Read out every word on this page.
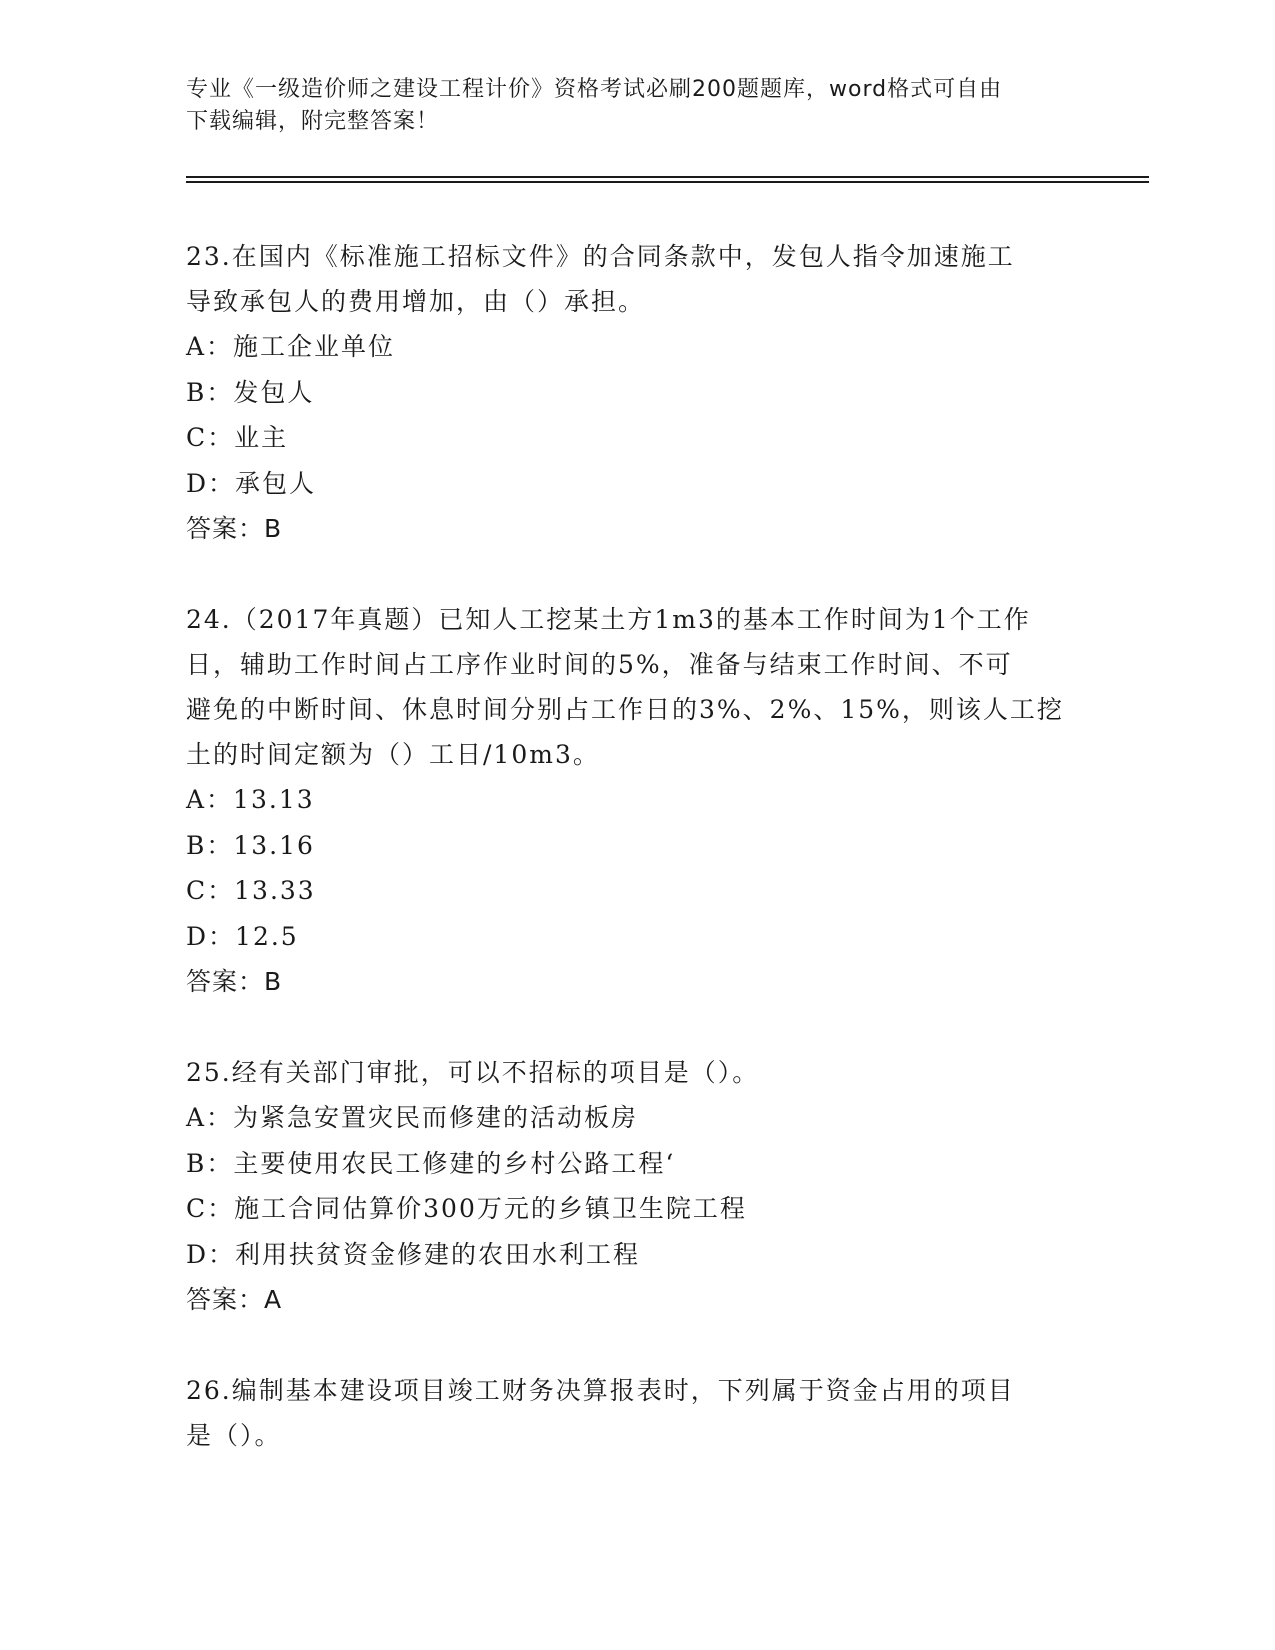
专业《一级造价师之建设工程计价》资格考试必刷200题题库，word格式可自由
下载编辑，附完整答案！

23.在国内《标准施工招标文件》的合同条款中，发包人指令加速施工

导致承包人的费用增加，由（）承担。

A：施工企业单位

B：发包人

C：业主

D：承包人

答案：B

24.（2017年真题）已知人工挖某土方1m3的基本工作时间为1个工作

日，辅助工作时间占工序作业时间的5%，准备与结束工作时间、不可

避免的中断时间、休息时间分别占工作日的3%、2%、15%，则该人工挖

土的时间定额为（）工日/10m3。

A：13.13

B：13.16

C：13.33

D：12.5

答案：B

25.经有关部门审批，可以不招标的项目是（）。

A：为紧急安置灾民而修建的活动板房

B：主要使用农民工修建的乡村公路工程‘

C：施工合同估算价300万元的乡镇卫生院工程

D：利用扶贫资金修建的农田水利工程

答案：A

26.编制基本建设项目竣工财务决算报表时，下列属于资金占用的项目

是（）。
